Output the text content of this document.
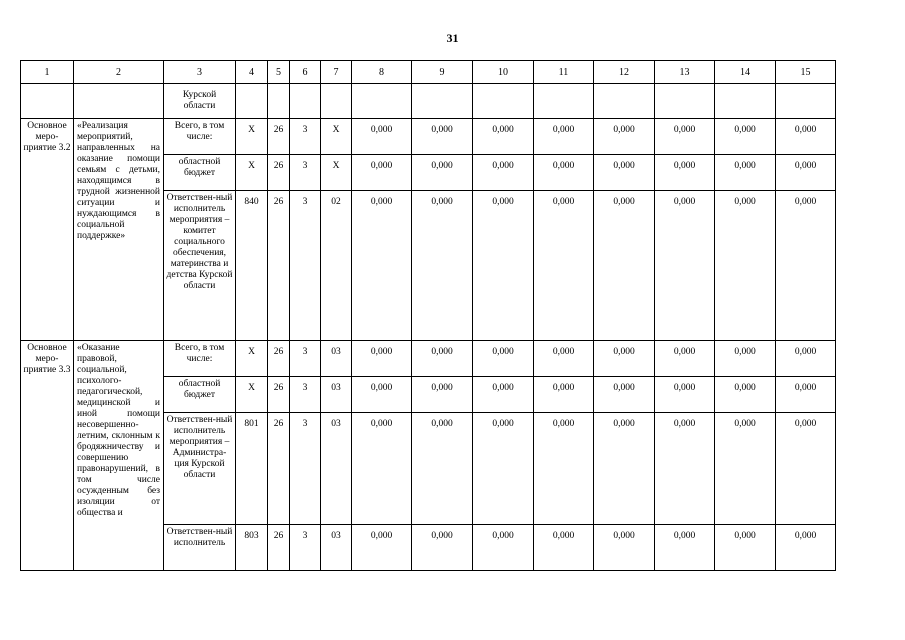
31
1	2	3	4	5	6	7	8	9	10	11	12	13	14	15
		Курской области												
Основное меро-приятие 3.2	«Реализация мероприятий, направленных на оказание помощи семьям с детьми, находящимся в трудной жизненной ситуации и нуждающимся в социальной поддержке»	Всего, в том числе:	X	26	3	X	0,000	0,000	0,000	0,000	0,000	0,000	0,000	0,000
		областной бюджет	X	26	3	X	0,000	0,000	0,000	0,000	0,000	0,000	0,000	0,000
		Ответствен-ный исполнитель мероприятия – комитет социального обеспечения, материнства и детства Курской области	840	26	3	02	0,000	0,000	0,000	0,000	0,000	0,000	0,000	0,000
Основное меро-приятие 3.3	«Оказание правовой, социальной, психолого-педагогической, медицинской и иной помощи несовершенно-летним, склонным к бродяжничеству и совершению правонарушений, в том числе осужденным без изоляции от общества и	Всего, в том числе:	X	26	3	03	0,000	0,000	0,000	0,000	0,000	0,000	0,000	0,000
		областной бюджет	X	26	3	03	0,000	0,000	0,000	0,000	0,000	0,000	0,000	0,000
		Ответствен-ный исполнитель мероприятия – Администра-ция Курской области	801	26	3	03	0,000	0,000	0,000	0,000	0,000	0,000	0,000	0,000
		Ответствен-ный исполнитель	803	26	3	03	0,000	0,000	0,000	0,000	0,000	0,000	0,000	0,000
